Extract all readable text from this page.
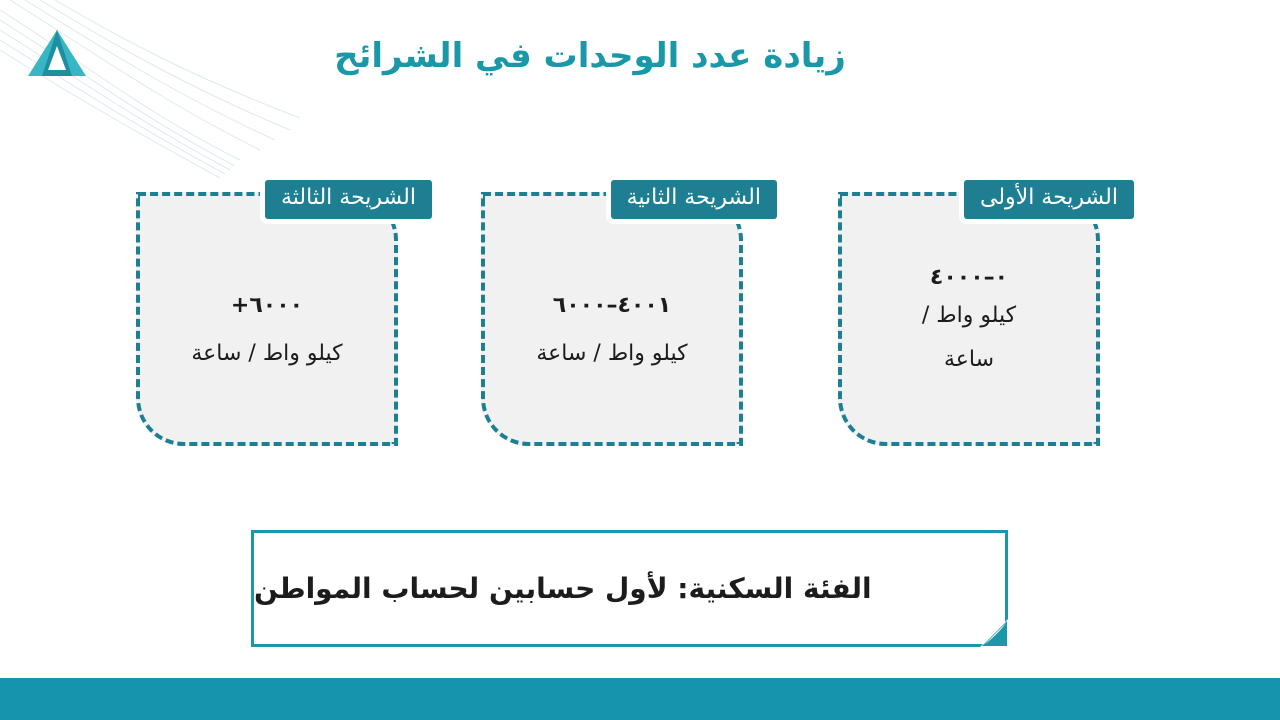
زيادة عدد الوحدات في الشرائح
الشريحة الأولى
٠–٤٠٠٠
كيلو واط / ساعة
الشريحة الثانية
٤٠٠١–٦٠٠٠
كيلو واط / ساعة
الشريحة الثالثة
٦٠٠٠+
كيلو واط / ساعة
الفئة السكنية: لأول حسابين لحساب المواطن
